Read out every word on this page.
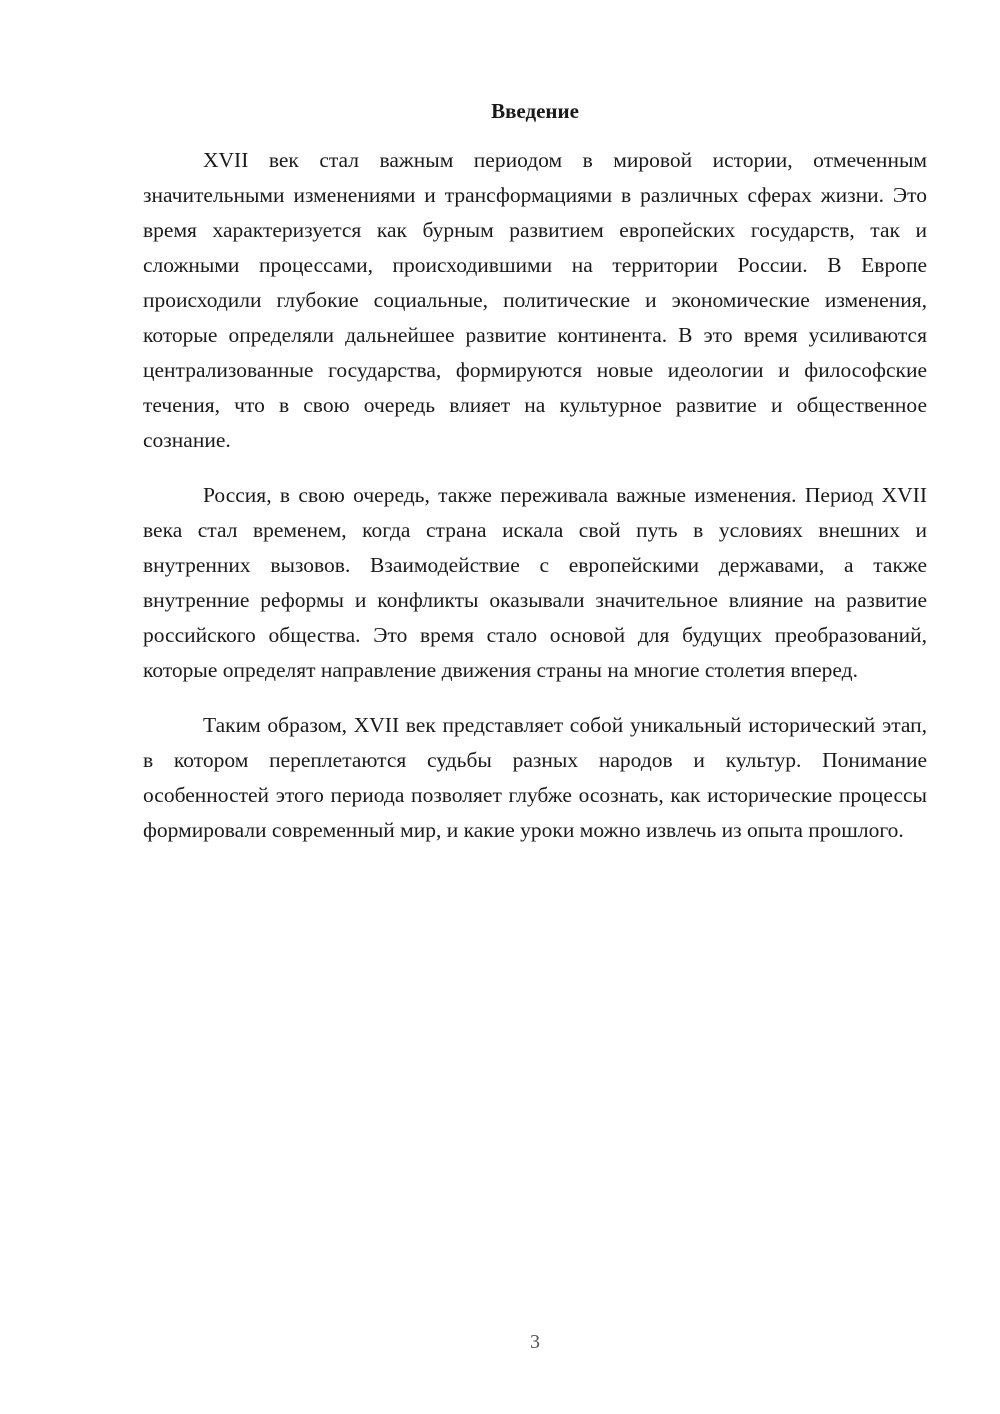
Введение

XVII век стал важным периодом в мировой истории, отмеченным значительными изменениями и трансформациями в различных сферах жизни. Это время характеризуется как бурным развитием европейских государств, так и сложными процессами, происходившими на территории России. В Европе происходили глубокие социальные, политические и экономические изменения, которые определяли дальнейшее развитие континента. В это время усиливаются централизованные государства, формируются новые идеологии и философские течения, что в свою очередь влияет на культурное развитие и общественное сознание.

Россия, в свою очередь, также переживала важные изменения. Период XVII века стал временем, когда страна искала свой путь в условиях внешних и внутренних вызовов. Взаимодействие с европейскими державами, а также внутренние реформы и конфликты оказывали значительное влияние на развитие российского общества. Это время стало основой для будущих преобразований, которые определят направление движения страны на многие столетия вперед.

Таким образом, XVII век представляет собой уникальный исторический этап, в котором переплетаются судьбы разных народов и культур. Понимание особенностей этого периода позволяет глубже осознать, как исторические процессы формировали современный мир, и какие уроки можно извлечь из опыта прошлого.

3
